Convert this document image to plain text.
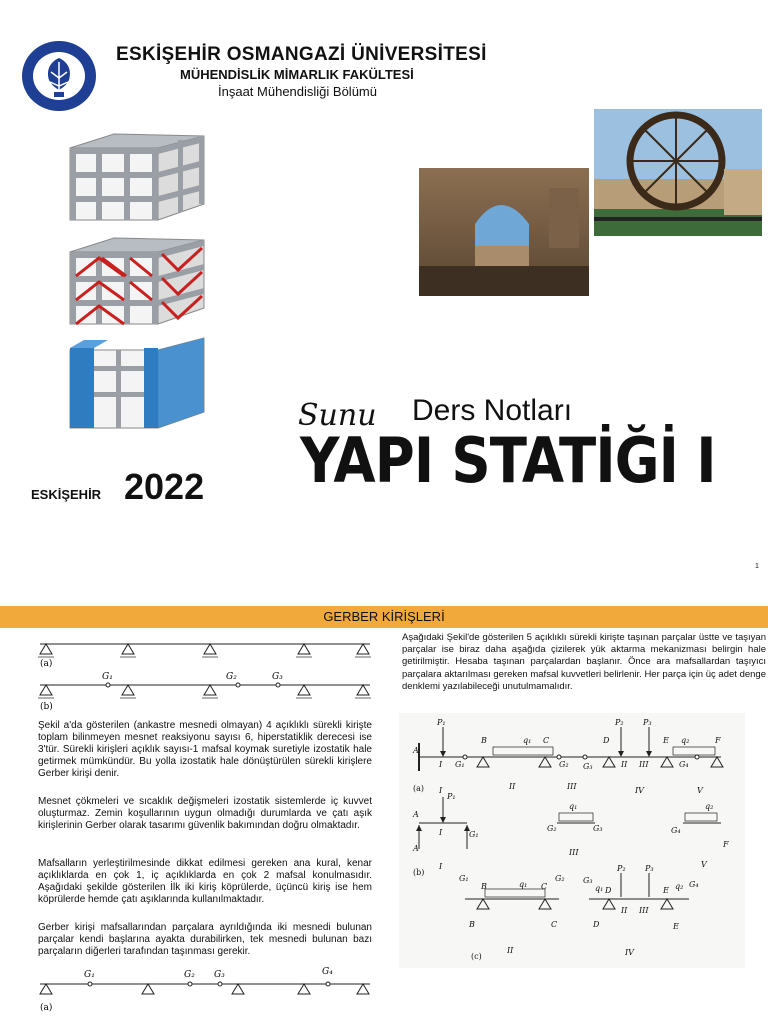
ESKİŞEHİR OSMANGAZİ ÜNİVERSİTESİ
MÜHENDİSLİK MİMARLIK FAKÜLTESİ
İnşaat Mühendisliği Bölümü
ESKİŞEHİR 2022
Sunu Ders Notları
YAPI STATİĞİ I
1
GERBER KİRİŞLERİ
(a)
(b)
G₁	G₂	G₃
Şekil a'da gösterilen (ankastre mesnedi olmayan) 4 açıklıklı sürekli kirişte toplam bilinmeyen mesnet reaksiyonu sayısı 6, hiperstatiklik derecesi ise 3'tür. Sürekli kirişleri açıklık sayısı-1 mafsal koymak suretiyle izostatik hale getirmek mümkündür. Bu yolla izostatik hale dönüştürülen sürekli kirişlere Gerber kirişi denir.
Mesnet çökmeleri ve sıcaklık değişmeleri izostatik sistemlerde iç kuvvet oluşturmaz. Zemin koşullarının uygun olmadığı durumlarda ve çatı aşık kirişlerinin Gerber olarak tasarımı güvenlik bakımından doğru olmaktadır.
Mafsalların yerleştirilmesinde dikkat edilmesi gereken ana kural, kenar açıklıklarda en çok 1, iç açıklıklarda en çok 2 mafsal konulmasıdır. Aşağıdaki şekilde gösterilen İlk iki kiriş köprülerde, üçüncü kiriş ise hem köprülerde hemde çatı aşıklarında kullanılmaktadır.
Gerber kirişi mafsallarından parçalara ayrıldığında iki mesnedi bulunan parçalar kendi başlarına ayakta durabilirken, tek mesnedi bulunan bazı parçaların diğerleri tarafından taşınması gerekir.
G₁	G₂ G₃	G₄
(a)
Aşağıdaki Şekil'de gösterilen 5 açıklıklı sürekli kirişte taşınan parçalar üstte ve taşıyan parçalar ise biraz daha aşağıda çizilerek yük aktarma mekanizması belirgin hale getirilmiştir. Hesaba taşınan parçalardan başlanır. Önce ara mafsallardan taşıyıcı parçalara aktarılması gereken mafsal kuvvetleri belirlenir. Her parça için üç adet denge denklemi yazılabileceği unutulmamalıdır.
P₁	P₂ P₃
q₁	q₂
A
B	C	D	E	F
G₁	G₂ G₃	G₄
I	II III
II	III	IV	V
I
(a)
P₁
A
I	G₁
A
I
q₁
G₂	G₃
III
q₂
G₄
F
V
(b)
G₁
B	q₁ C
G₂
B	C
II
G₃
P₂ P₃
q₁ D	E q₂ G₄
II III
D	E
IV
(c)
